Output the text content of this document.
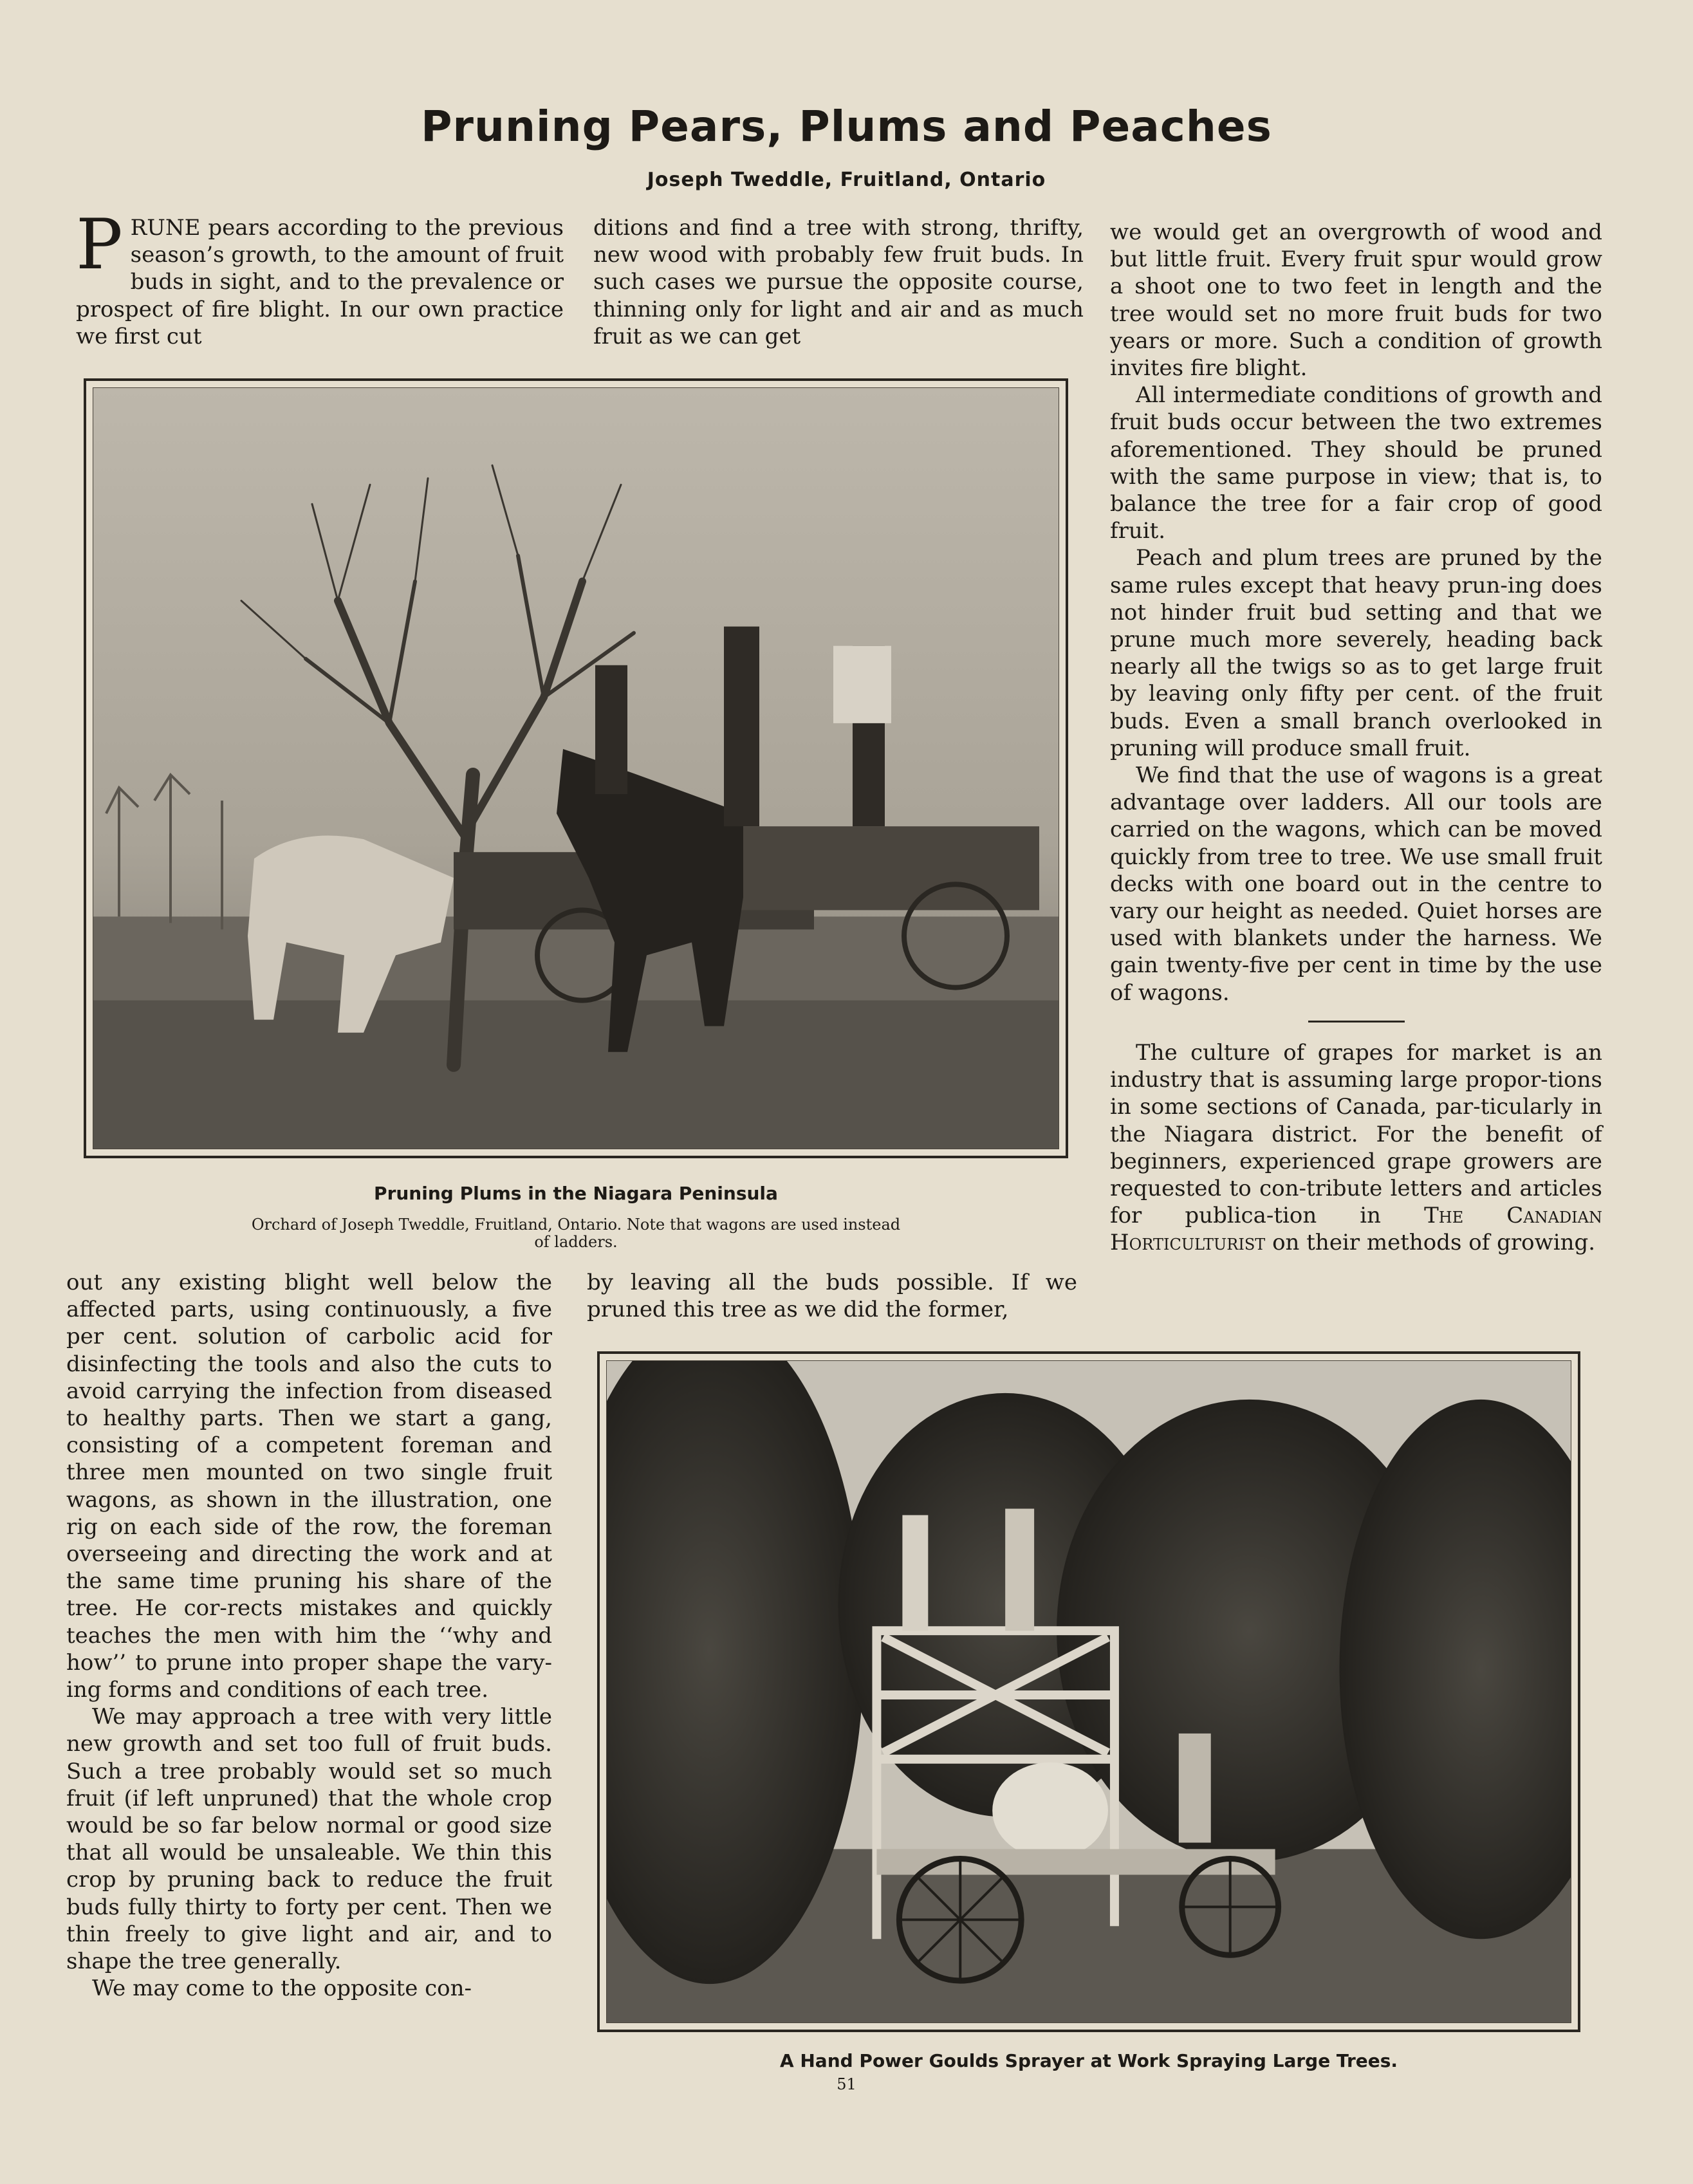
Pruning Pears, Plums and Peaches
Joseph Tweddle, Fruitland, Ontario

PRUNE pears according to the previous season’s growth, to the amount of fruit buds in sight, and to the prevalence or prospect of fire blight. In our own practice we first cut

ditions and find a tree with strong, thrifty, new wood with probably few fruit buds. In such cases we pursue the opposite course, thinning only for light and air and as much fruit as we can get

we would get an overgrowth of wood and but little fruit. Every fruit spur would grow a shoot one to two feet in length and the tree would set no more fruit buds for two years or more. Such a condition of growth invites fire blight.

All intermediate conditions of growth and fruit buds occur between the two extremes aforementioned. They should be pruned with the same purpose in view; that is, to balance the tree for a fair crop of good fruit.

Peach and plum trees are pruned by the same rules except that heavy prun-ing does not hinder fruit bud setting and that we prune much more severely, heading back nearly all the twigs so as to get large fruit by leaving only fifty per cent. of the fruit buds. Even a small branch overlooked in pruning will produce small fruit.

We find that the use of wagons is a great advantage over ladders. All our tools are carried on the wagons, which can be moved quickly from tree to tree. We use small fruit decks with one board out in the centre to vary our height as needed. Quiet horses are used with blankets under the harness. We gain twenty-five per cent in time by the use of wagons.

The culture of grapes for market is an industry that is assuming large propor-tions in some sections of Canada, par-ticularly in the Niagara district. For the benefit of beginners, experienced grape growers are requested to con-tribute letters and articles for publica-tion in The Canadian Horticulturist on their methods of growing.

Pruning Plums in the Niagara Peninsula
Orchard of Joseph Tweddle, Fruitland, Ontario. Note that wagons are used instead of ladders.

out any existing blight well below the affected parts, using continuously, a five per cent. solution of carbolic acid for disinfecting the tools and also the cuts to avoid carrying the infection from diseased to healthy parts. Then we start a gang, consisting of a competent foreman and three men mounted on two single fruit wagons, as shown in the illustration, one rig on each side of the row, the foreman overseeing and directing the work and at the same time pruning his share of the tree. He cor-rects mistakes and quickly teaches the men with him the ‘‘why and how’’ to prune into proper shape the vary-ing forms and conditions of each tree.

We may approach a tree with very little new growth and set too full of fruit buds. Such a tree probably would set so much fruit (if left unpruned) that the whole crop would be so far below normal or good size that all would be unsaleable. We thin this crop by pruning back to reduce the fruit buds fully thirty to forty per cent. Then we thin freely to give light and air, and to shape the tree generally.

We may come to the opposite con-

by leaving all the buds possible. If we pruned this tree as we did the former,

A Hand Power Goulds Sprayer at Work Spraying Large Trees.
51
